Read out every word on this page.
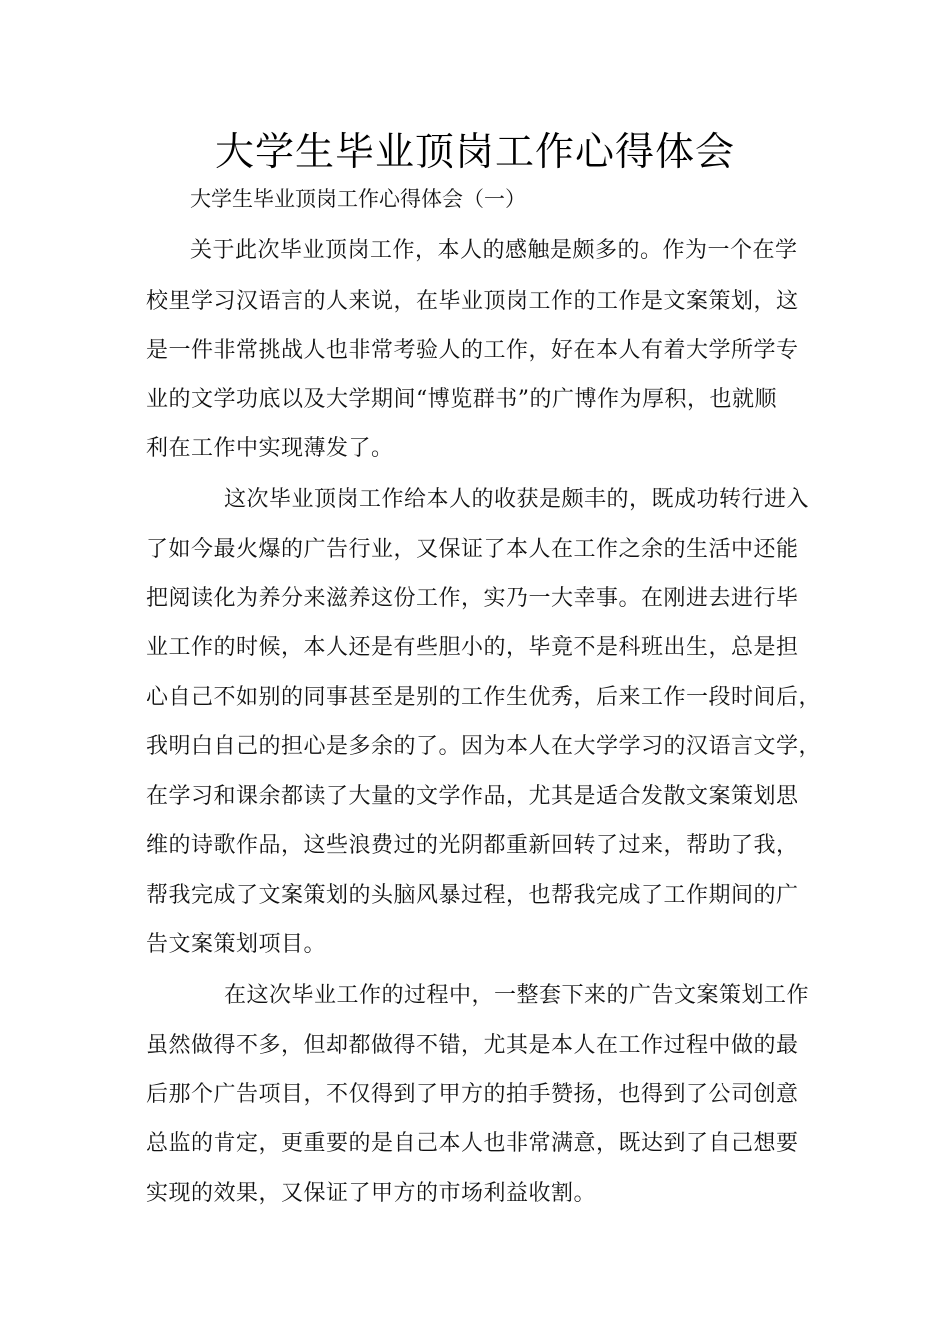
大学生毕业顶岗工作心得体会
大学生毕业顶岗工作心得体会（一）
关于此次毕业顶岗工作，本人的感触是颇多的。作为一个在学
校里学习汉语言的人来说，在毕业顶岗工作的工作是文案策划，这
是一件非常挑战人也非常考验人的工作，好在本人有着大学所学专
业的文学功底以及大学期间“博览群书”的广博作为厚积，也就顺
利在工作中实现薄发了。
这次毕业顶岗工作给本人的收获是颇丰的，既成功转行进入
了如今最火爆的广告行业，又保证了本人在工作之余的生活中还能
把阅读化为养分来滋养这份工作，实乃一大幸事。在刚进去进行毕
业工作的时候，本人还是有些胆小的，毕竟不是科班出生，总是担
心自己不如别的同事甚至是别的工作生优秀，后来工作一段时间后，
我明白自己的担心是多余的了。因为本人在大学学习的汉语言文学，
在学习和课余都读了大量的文学作品，尤其是适合发散文案策划思
维的诗歌作品，这些浪费过的光阴都重新回转了过来，帮助了我，
帮我完成了文案策划的头脑风暴过程，也帮我完成了工作期间的广
告文案策划项目。
在这次毕业工作的过程中，一整套下来的广告文案策划工作
虽然做得不多，但却都做得不错，尤其是本人在工作过程中做的最
后那个广告项目，不仅得到了甲方的拍手赞扬，也得到了公司创意
总监的肯定，更重要的是自己本人也非常满意，既达到了自己想要
实现的效果，又保证了甲方的市场利益收割。
